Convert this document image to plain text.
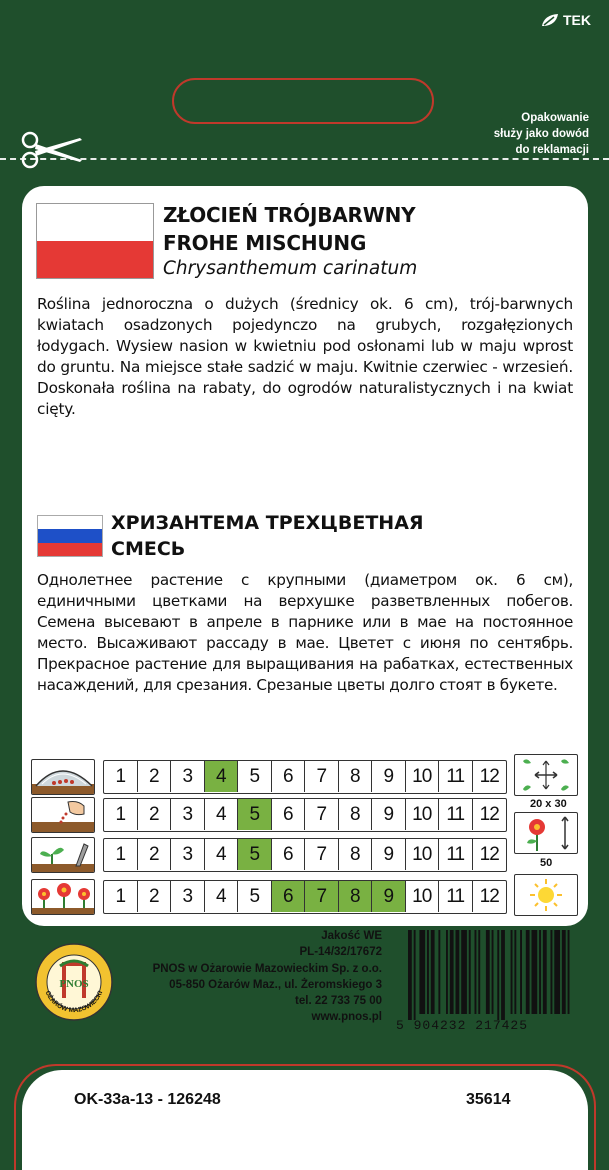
TEK
Opakowanie
służy jako dowód
do reklamacji
ZŁOCIEŃ TRÓJBARWNY
FROHE MISCHUNG
Chrysanthemum carinatum
Roślina jednoroczna o dużych (średnicy ok. 6 cm), trój-barwnych kwiatach osadzonych pojedynczo na grubych, rozgałęzionych łodygach. Wysiew nasion w kwietniu pod osłonami lub w maju wprost do gruntu. Na miejsce stałe sadzić w maju. Kwitnie czerwiec - wrzesień. Doskonała roślina na rabaty, do ogrodów naturalistycznych i na kwiat cięty.
ХРИЗАНТЕМА ТРЕХЦВЕТНАЯ
СМЕСЬ
Однолетнее растение с крупными (диаметром ок. 6 см), единичными цветками на верхушке разветвленных побегов. Семена высевают в апреле в парнике или в мае на постоянное место. Высаживают рассаду в мае. Цветет с июня по сентябрь. Прекрасное растение для выращивания на рабатках, естественных насаждений, для срезания. Срезаные цветы долго стоят в букете.
1	2	3	4	5	6	7	8	9	10 11 12
1	2	3	4	5	6	7	8	9	10 11 12
1	2	3	4	5	6	7	8	9	10 11 12
1	2	3	4	5	6	7	8	9	10 11 12
20 x 30
50
PNOS
OŻARÓW MAZOWIECKI
Jakość WE
PL-14/32/17672
PNOS w Ożarowie Mazowieckim Sp. z o.o.
05-850 Ożarów Maz., ul. Żeromskiego 3
tel. 22 733 75 00
www.pnos.pl
5 904232 217425
OK-33a-13 - 126248	35614
